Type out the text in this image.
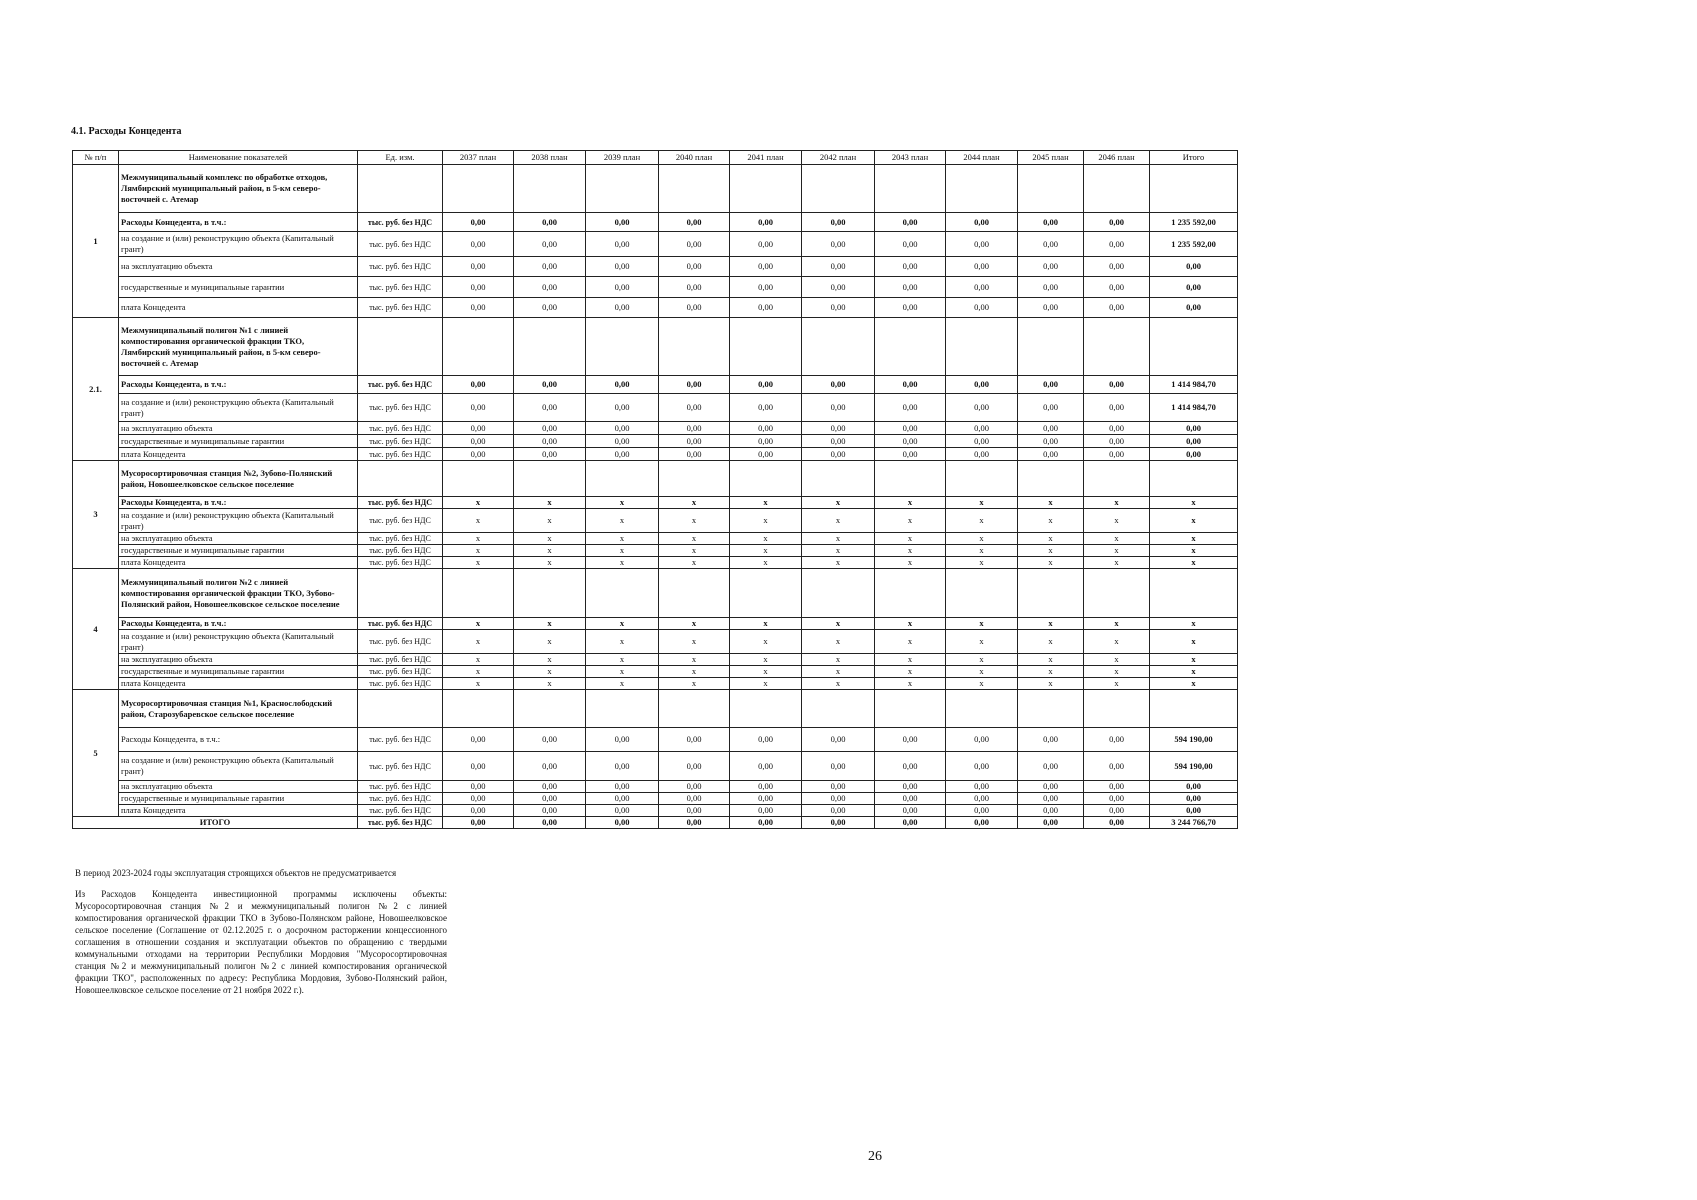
4.1. Расходы Концедента
№ п/п	Наименование показателей	Ед. изм.	2037 план	2038 план	2039 план	2040 план	2041 план	2042 план	2043 план	2044 план	2045 план	2046 план	Итого
1	Межмуниципальный комплекс по обработке отходов, Лямбирский муниципальный район, в 5-км северо-восточней с. Атемар												
	Расходы Концедента, в т.ч.:	тыс. руб. без НДС	0,00	0,00	0,00	0,00	0,00	0,00	0,00	0,00	0,00	0,00	1 235 592,00
	на создание и (или) реконструкцию объекта (Капитальный грант)	тыс. руб. без НДС	0,00	0,00	0,00	0,00	0,00	0,00	0,00	0,00	0,00	0,00	1 235 592,00
	на эксплуатацию объекта	тыс. руб. без НДС	0,00	0,00	0,00	0,00	0,00	0,00	0,00	0,00	0,00	0,00	0,00
	государственные и муниципальные гарантии	тыс. руб. без НДС	0,00	0,00	0,00	0,00	0,00	0,00	0,00	0,00	0,00	0,00	0,00
	плата Концедента	тыс. руб. без НДС	0,00	0,00	0,00	0,00	0,00	0,00	0,00	0,00	0,00	0,00	0,00
2.1.	Межмуниципальный полигон №1 с линией компостирования органической фракции ТКО, Лямбирский муниципальный район, в 5-км северо-восточней с. Атемар												
	Расходы Концедента, в т.ч.:	тыс. руб. без НДС	0,00	0,00	0,00	0,00	0,00	0,00	0,00	0,00	0,00	0,00	1 414 984,70
	на создание и (или) реконструкцию объекта (Капитальный грант)	тыс. руб. без НДС	0,00	0,00	0,00	0,00	0,00	0,00	0,00	0,00	0,00	0,00	1 414 984,70
	на эксплуатацию объекта	тыс. руб. без НДС	0,00	0,00	0,00	0,00	0,00	0,00	0,00	0,00	0,00	0,00	0,00
	государственные и муниципальные гарантии	тыс. руб. без НДС	0,00	0,00	0,00	0,00	0,00	0,00	0,00	0,00	0,00	0,00	0,00
	плата Концедента	тыс. руб. без НДС	0,00	0,00	0,00	0,00	0,00	0,00	0,00	0,00	0,00	0,00	0,00
3	Мусоросортировочная станция №2, Зубово-Полянский район, Новошеелковское сельское поселение												
	Расходы Концедента, в т.ч.:	тыс. руб. без НДС	x	x	x	x	x	x	x	x	x	x	x
	на создание и (или) реконструкцию объекта (Капитальный грант)	тыс. руб. без НДС	x	x	x	x	x	x	x	x	x	x	x
	на эксплуатацию объекта	тыс. руб. без НДС	x	x	x	x	x	x	x	x	x	x	x
	государственные и муниципальные гарантии	тыс. руб. без НДС	x	x	x	x	x	x	x	x	x	x	x
	плата Концедента	тыс. руб. без НДС	x	x	x	x	x	x	x	x	x	x	x
4	Межмуниципальный полигон №2 с линией компостирования органической фракции ТКО, Зубово-Полянский район, Новошеелковское сельское поселение												
	Расходы Концедента, в т.ч.:	тыс. руб. без НДС	x	x	x	x	x	x	x	x	x	x	x
	на создание и (или) реконструкцию объекта (Капитальный грант)	тыс. руб. без НДС	x	x	x	x	x	x	x	x	x	x	x
	на эксплуатацию объекта	тыс. руб. без НДС	x	x	x	x	x	x	x	x	x	x	x
	государственные и муниципальные гарантии	тыс. руб. без НДС	x	x	x	x	x	x	x	x	x	x	x
	плата Концедента	тыс. руб. без НДС	x	x	x	x	x	x	x	x	x	x	x
5	Мусоросортировочная станция №1, Краснослободский район, Старозубаревское сельское поселение												
	Расходы Концедента, в т.ч.:	тыс. руб. без НДС	0,00	0,00	0,00	0,00	0,00	0,00	0,00	0,00	0,00	0,00	594 190,00
	на создание и (или) реконструкцию объекта (Капитальный грант)	тыс. руб. без НДС	0,00	0,00	0,00	0,00	0,00	0,00	0,00	0,00	0,00	0,00	594 190,00
	на эксплуатацию объекта	тыс. руб. без НДС	0,00	0,00	0,00	0,00	0,00	0,00	0,00	0,00	0,00	0,00	0,00
	государственные и муниципальные гарантии	тыс. руб. без НДС	0,00	0,00	0,00	0,00	0,00	0,00	0,00	0,00	0,00	0,00	0,00
	плата Концедента	тыс. руб. без НДС	0,00	0,00	0,00	0,00	0,00	0,00	0,00	0,00	0,00	0,00	0,00
ИТОГО		тыс. руб. без НДС	0,00	0,00	0,00	0,00	0,00	0,00	0,00	0,00	0,00	0,00	3 244 766,70
В период 2023-2024 годы эксплуатация строящихся объектов не предусматривается
Из Расходов Концедента инвестиционной программы исключены объекты: Мусоросортировочная станция №2 и межмуниципальный полигон №2 с линией компостирования органической фракции ТКО в Зубово-Полянском районе, Новошеелковское сельское поселение (Соглашение от 02.12.2025 г. о досрочном расторжении концессионного соглашения в отношении создания и эксплуатации объектов по обращению с твердыми коммунальными отходами на территории Республики Мордовия "Мусоросортировочная станция №2 и межмуниципальный полигон №2 с линией компостирования органической фракции ТКО", расположенных по адресу: Республика Мордовия, Зубово-Полянский район, Новошеелковское сельское поселение от 21 ноября 2022 г.).
26
